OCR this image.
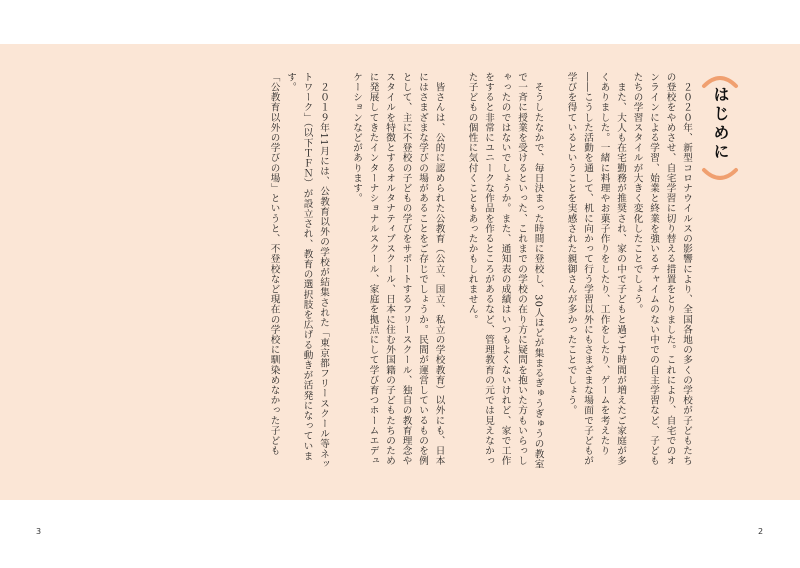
はじめに

　２０２０年、新型コロナウイルスの影響により、全国各地の多くの学校が子どもたちの登校をやめさせ、自宅学習に切り替える措置をとりました。これにより、自宅でのオンラインによる学習、始業と終業を強いるチャイムのない中での自主学習など、子どもたちの学習スタイルが大きく変化したことでしょう。

　また、大人も在宅勤務が推奨され、家の中で子どもと過ごす時間が増えたご家庭が多くありました。一緒に料理やお菓子作りをしたり、工作をしたり、ゲームを考えたり――こうした活動を通して、机に向かって行う学習以外にもさまざまな場面で子どもが学びを得ているということを実感された親御さんが多かったことでしょう。

　そうしたなかで、毎日決まった時間に登校し、30人ほどが集まるぎゅうぎゅうの教室で一斉に授業を受けるといった、これまでの学校の在り方に疑問を抱いた方もいらっしゃったのではないでしょうか。また、通知表の成績はいつもよくないけれど、家で工作をすると非常にユニークな作品を作るところがあるなど、管理教育の元では見えなかった子どもの個性に気付くこともあったかもしれません。

　皆さんは、公的に認められた公教育（公立、国立、私立の学校教育）以外にも、日本にはさまざまな学びの場があることをご存じでしょうか。民間が運営しているものを例として、主に不登校の子どもの学びをサポートするフリースクール、独自の教育理念やスタイルを特徴とするオルタナティブスクール、日本に住む外国籍の子どもたちのために発展してきたインターナショナルスクール、家庭を拠点にして学び育つホームエデュケーションなどがあります。

　２０１９年11月には、公教育以外の学校が結集された「東京都フリースクール等ネットワーク」（以下ＴＦＮ）が設立され、教育の選択肢を広げる動きが活発になっています。

「公教育以外の学びの場」というと、不登校など現在の学校に馴染めなかった子ども

3	2
